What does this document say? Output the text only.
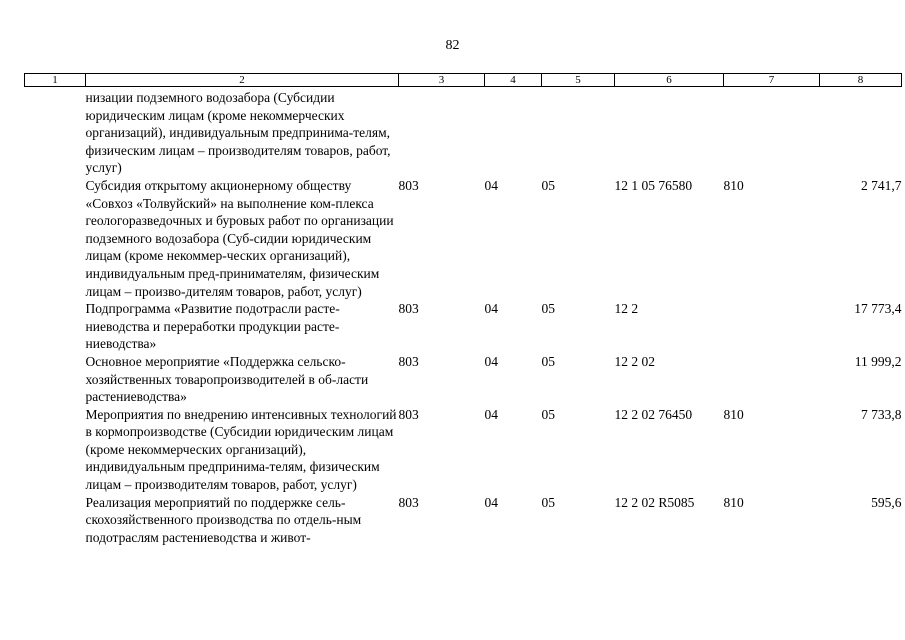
82
1	2	3	4	5	6	7	8
	низации подземного водозабора (Субсидии юридическим лицам (кроме некоммерческих организаций), индивидуальным предпринима-телям, физическим лицам – производителям товаров, работ, услуг)						
	Субсидия открытому акционерному обществу «Совхоз «Толвуйский» на выполнение ком-плекса геологоразведочных и буровых работ по организации подземного водозабора (Суб-сидии юридическим лицам (кроме некоммер-ческих организаций), индивидуальным пред-принимателям, физическим лицам – произво-дителям товаров, работ, услуг)	803	04	05	12 1 05 76580	810	2 741,7
	Подпрограмма «Развитие подотрасли расте-ниеводства и переработки продукции расте-ниеводства»	803	04	05	12 2		17 773,4
	Основное мероприятие «Поддержка сельско-хозяйственных товаропроизводителей в об-ласти растениеводства»	803	04	05	12 2 02		11 999,2
	Мероприятия по внедрению интенсивных технологий в кормопроизводстве (Субсидии юридическим лицам (кроме некоммерческих организаций), индивидуальным предпринима-телям, физическим лицам – производителям товаров, работ, услуг)	803	04	05	12 2 02 76450	810	7 733,8
	Реализация мероприятий по поддержке сель-скохозяйственного производства по отдель-ным подотраслям растениеводства и живот-	803	04	05	12 2 02 R5085	810	595,6
